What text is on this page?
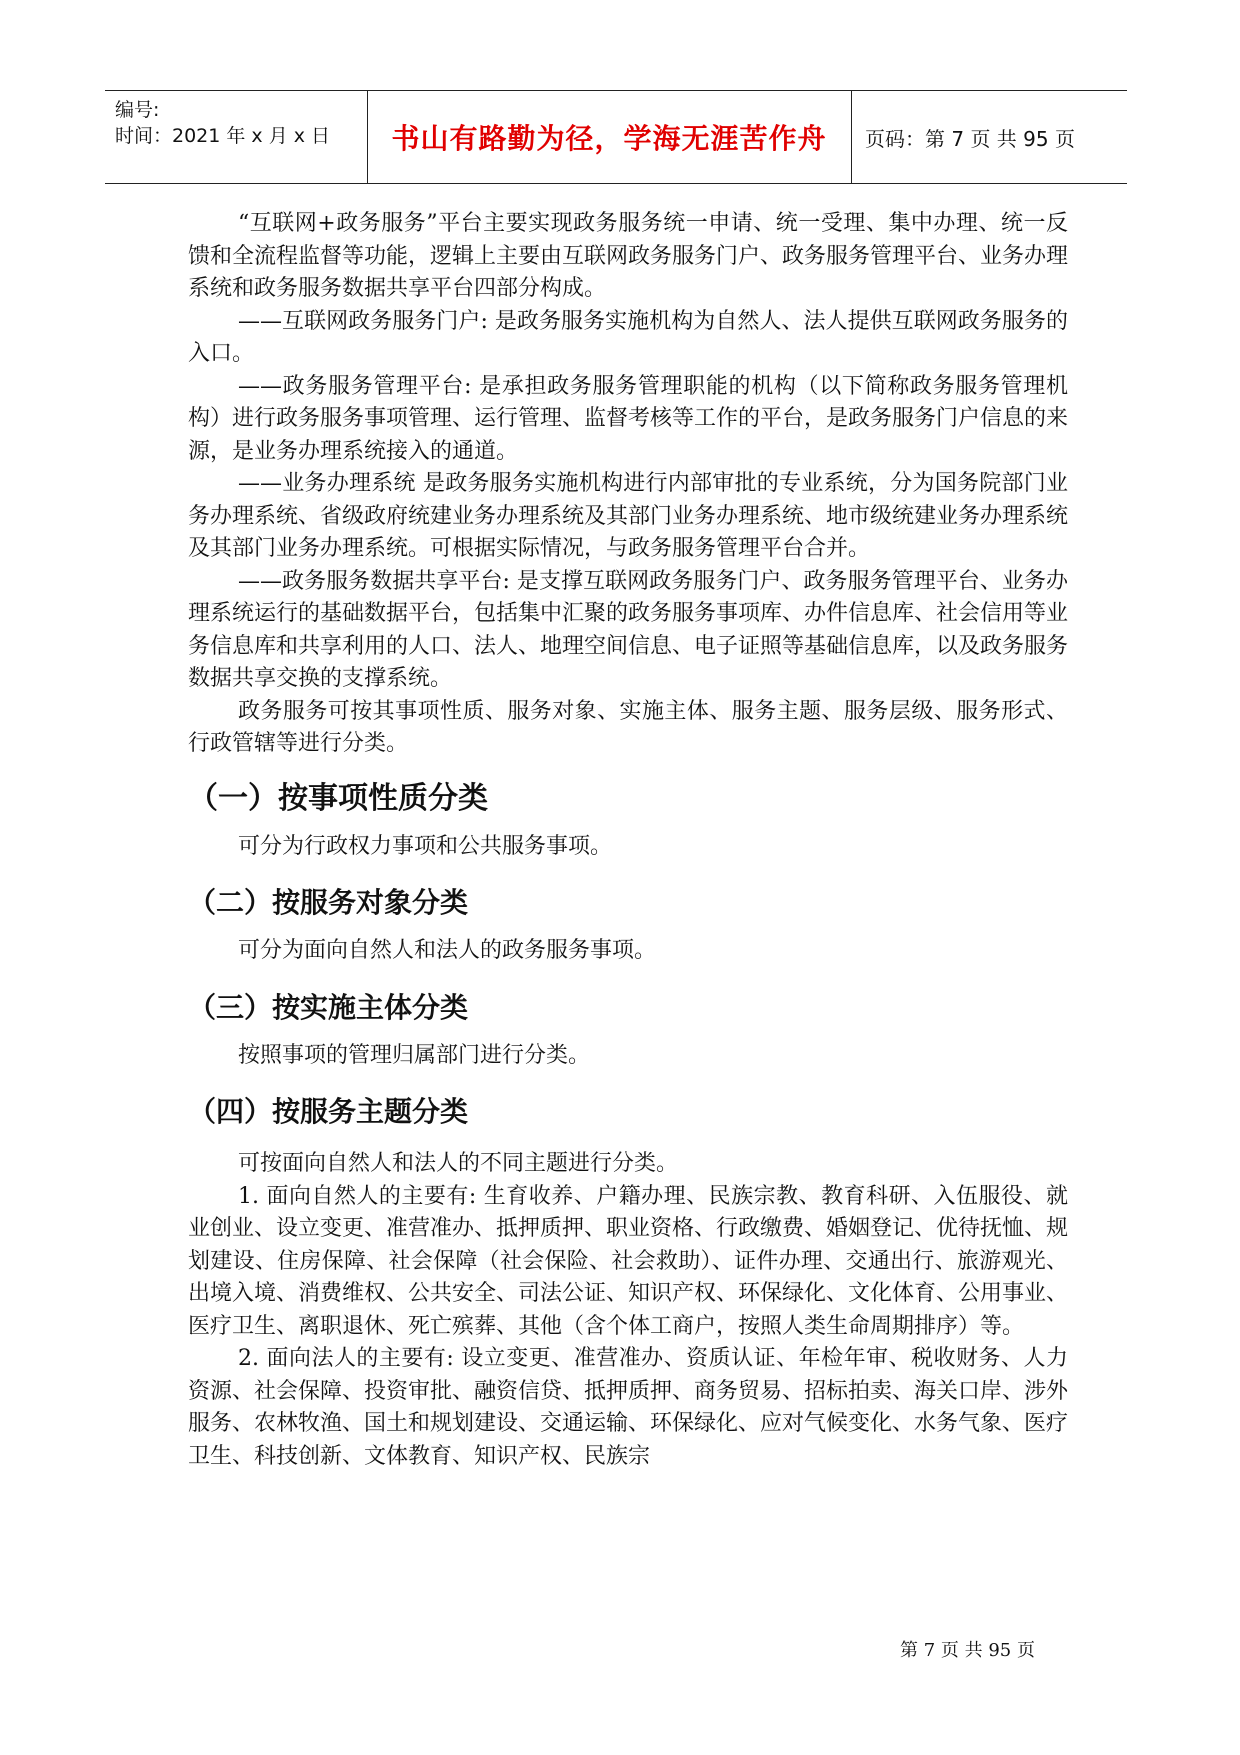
编号:
时间：2021 年 x 月 x 日	书山有路勤为径，学海无涯苦作舟	页码：第 7 页 共 95 页

“互联网+政务服务”平台主要实现政务服务统一申请、统一受理、集中办理、统一反馈和全流程监督等功能，逻辑上主要由互联网政务服务门户、政务服务管理平台、业务办理系统和政务服务数据共享平台四部分构成。

——互联网政务服务门户: 是政务服务实施机构为自然人、法人提供互联网政务服务的入口。

——政务服务管理平台: 是承担政务服务管理职能的机构（以下简称政务服务管理机构）进行政务服务事项管理、运行管理、监督考核等工作的平台，是政务服务门户信息的来源，是业务办理系统接入的通道。

——业务办理系统 是政务服务实施机构进行内部审批的专业系统，分为国务院部门业务办理系统、省级政府统建业务办理系统及其部门业务办理系统、地市级统建业务办理系统及其部门业务办理系统。可根据实际情况，与政务服务管理平台合并。

——政务服务数据共享平台: 是支撑互联网政务服务门户、政务服务管理平台、业务办理系统运行的基础数据平台，包括集中汇聚的政务服务事项库、办件信息库、社会信用等业务信息库和共享利用的人口、法人、地理空间信息、电子证照等基础信息库，以及政务服务数据共享交换的支撑系统。

政务服务可按其事项性质、服务对象、实施主体、服务主题、服务层级、服务形式、行政管辖等进行分类。

（一）按事项性质分类

可分为行政权力事项和公共服务事项。

（二）按服务对象分类

可分为面向自然人和法人的政务服务事项。

（三）按实施主体分类

按照事项的管理归属部门进行分类。

（四）按服务主题分类

可按面向自然人和法人的不同主题进行分类。

1. 面向自然人的主要有: 生育收养、户籍办理、民族宗教、教育科研、入伍服役、就业创业、设立变更、准营准办、抵押质押、职业资格、行政缴费、婚姻登记、优待抚恤、规划建设、住房保障、社会保障（社会保险、社会救助）、证件办理、交通出行、旅游观光、出境入境、消费维权、公共安全、司法公证、知识产权、环保绿化、文化体育、公用事业、医疗卫生、离职退休、死亡殡葬、其他（含个体工商户，按照人类生命周期排序）等。

2. 面向法人的主要有: 设立变更、准营准办、资质认证、年检年审、税收财务、人力资源、社会保障、投资审批、融资信贷、抵押质押、商务贸易、招标拍卖、海关口岸、涉外服务、农林牧渔、国土和规划建设、交通运输、环保绿化、应对气候变化、水务气象、医疗卫生、科技创新、文体教育、知识产权、民族宗

第 7 页 共 95 页
